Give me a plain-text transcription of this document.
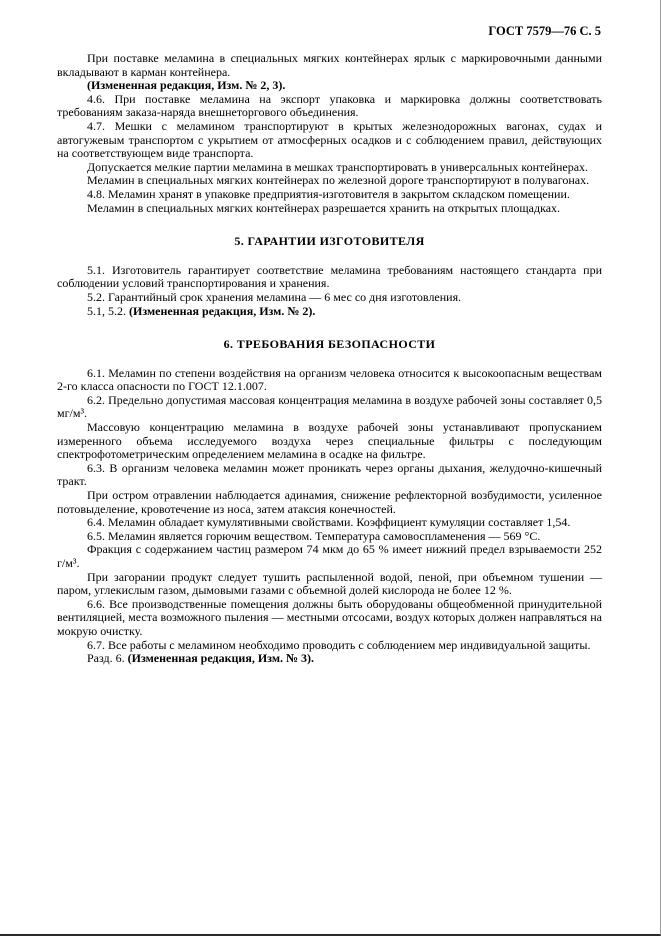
ГОСТ 7579—76 С. 5

При поставке меламина в специальных мягких контейнерах ярлык с маркировочными данными вкладывают в карман контейнера.

(Измененная редакция, Изм. № 2, 3).

4.6. При поставке меламина на экспорт упаковка и маркировка должны соответствовать требованиям заказа-наряда внешнеторгового объединения.

4.7. Мешки с меламином транспортируют в крытых железнодорожных вагонах, судах и автогужевым транспортом с укрытием от атмосферных осадков и с соблюдением правил, действующих на соответствующем виде транспорта.

Допускается мелкие партии меламина в мешках транспортировать в универсальных контейнерах.

Меламин в специальных мягких контейнерах по железной дороге транспортируют в полувагонах.

4.8. Меламин хранят в упаковке предприятия-изготовителя в закрытом складском помещении.

Меламин в специальных мягких контейнерах разрешается хранить на открытых площадках.

5. ГАРАНТИИ ИЗГОТОВИТЕЛЯ

5.1. Изготовитель гарантирует соответствие меламина требованиям настоящего стандарта при соблюдении условий транспортирования и хранения.

5.2. Гарантийный срок хранения меламина — 6 мес со дня изготовления.

5.1, 5.2. (Измененная редакция, Изм. № 2).

6. ТРЕБОВАНИЯ БЕЗОПАСНОСТИ

6.1. Меламин по степени воздействия на организм человека относится к высокоопасным веществам 2-го класса опасности по ГОСТ 12.1.007.

6.2. Предельно допустимая массовая концентрация меламина в воздухе рабочей зоны составляет 0,5 мг/м³.

Массовую концентрацию меламина в воздухе рабочей зоны устанавливают пропусканием измеренного объема исследуемого воздуха через специальные фильтры с последующим спектрофотометрическим определением меламина в осадке на фильтре.

6.3. В организм человека меламин может проникать через органы дыхания, желудочно-кишечный тракт.

При остром отравлении наблюдается адинамия, снижение рефлекторной возбудимости, усиленное потовыделение, кровотечение из носа, затем атаксия конечностей.

6.4. Меламин обладает кумулятивными свойствами. Коэффициент кумуляции составляет 1,54.

6.5. Меламин является горючим веществом. Температура самовоспламенения — 569 °С.

Фракция с содержанием частиц размером 74 мкм до 65 % имеет нижний предел взрываемости 252 г/м³.

При загорании продукт следует тушить распыленной водой, пеной, при объемном тушении — паром, углекислым газом, дымовыми газами с объемной долей кислорода не более 12 %.

6.6. Все производственные помещения должны быть оборудованы общеобменной принудительной вентиляцией, места возможного пыления — местными отсосами, воздух которых должен направляться на мокрую очистку.

6.7. Все работы с меламином необходимо проводить с соблюдением мер индивидуальной защиты.

Разд. 6. (Измененная редакция, Изм. № 3).
